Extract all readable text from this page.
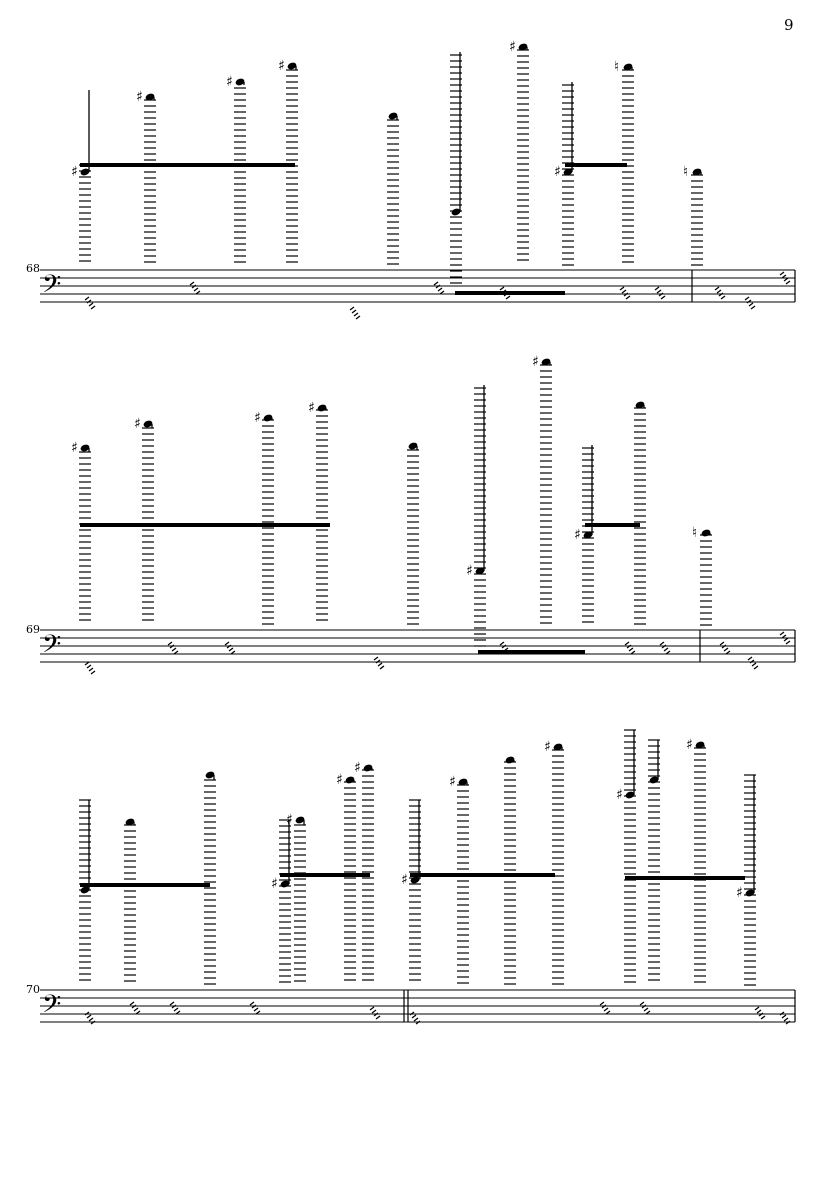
9
68
69
70
𝄢
♯
♯
♯
♯
♯
♯
♮
♮
𝄢
♯
♯	♯
♯
♯
♯
♯	♮
𝄢
♯
♯
♯
♯
♯
♯
♯
♯
♯
♯
